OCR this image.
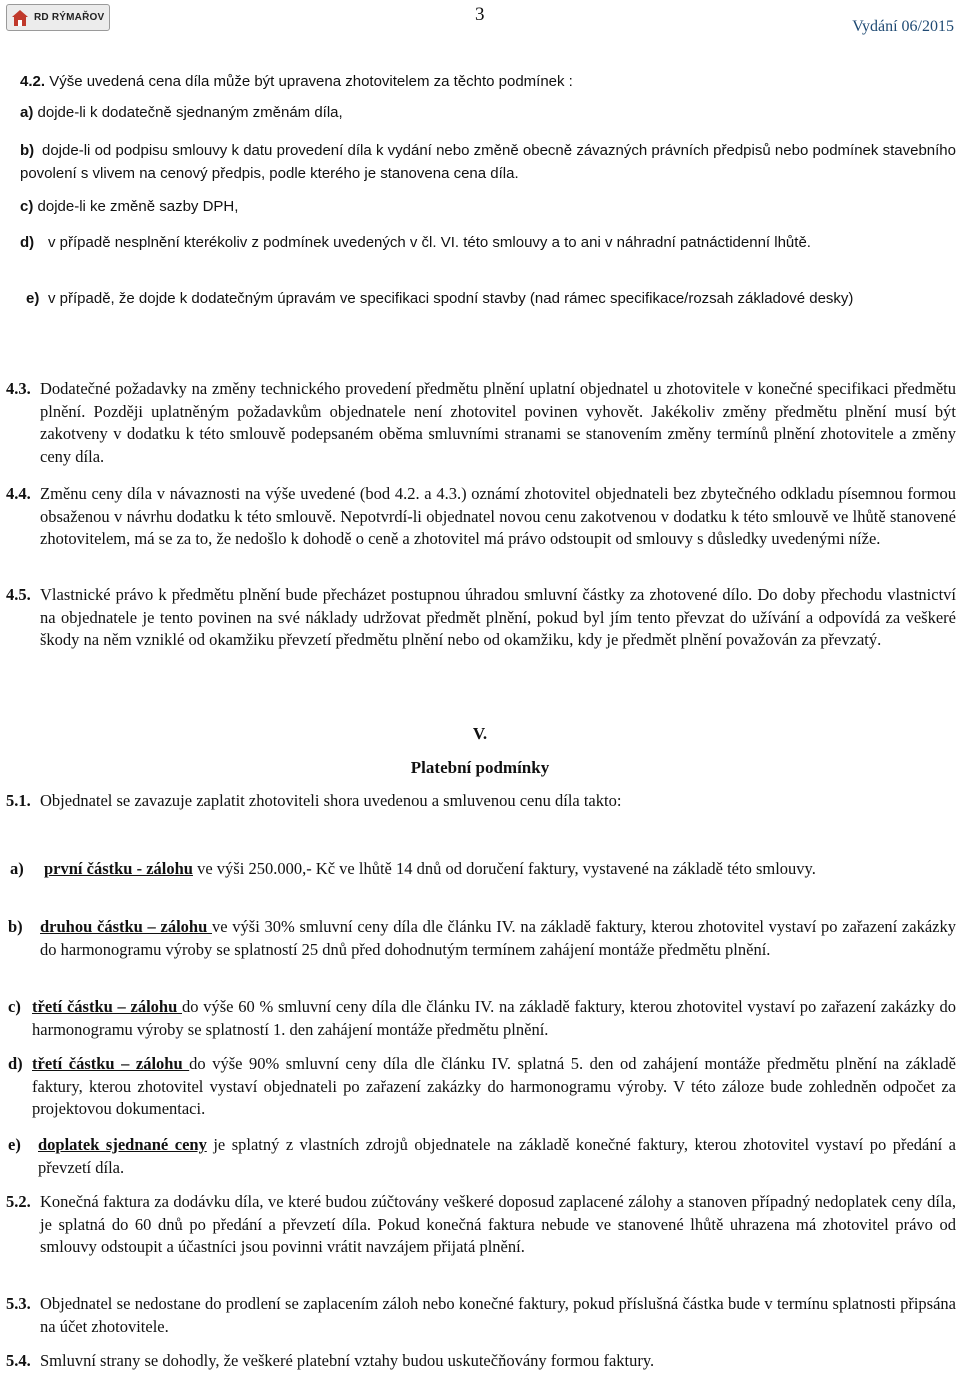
RD RÝMAŘOV	3
Vydání 06/2015
4.2. Výše uvedená cena díla může být upravena zhotovitelem za těchto podmínek :
a) dojde-li k dodatečně sjednaným změnám díla,
b) dojde-li od podpisu smlouvy k datu provedení díla k vydání nebo změně obecně závazných právních předpisů nebo podmínek stavebního povolení s vlivem na cenový předpis, podle kterého je stanovena cena díla.
c) dojde-li ke změně sazby DPH,
d) v případě nesplnění kterékoliv z podmínek uvedených v čl. VI. této smlouvy a to ani v náhradní patnáctidenní lhůtě.
e) v případě, že dojde k dodatečným úpravám ve specifikaci spodní stavby (nad rámec specifikace/rozsah základové desky)
4.3. Dodatečné požadavky na změny technického provedení předmětu plnění uplatní objednatel u zhotovitele v konečné specifikaci předmětu plnění. Později uplatněným požadavkům objednatele není zhotovitel povinen vyhovět. Jakékoliv změny předmětu plnění musí být zakotveny v dodatku k této smlouvě podepsaném oběma smluvními stranami se stanovením změny termínů plnění zhotovitele a změny ceny díla.
4.4. Změnu ceny díla v návaznosti na výše uvedené (bod 4.2. a 4.3.) oznámí zhotovitel objednateli bez zbytečného odkladu písemnou formou obsaženou v návrhu dodatku k této smlouvě. Nepotvrdí-li objednatel novou cenu zakotvenou v dodatku k této smlouvě ve lhůtě stanovené zhotovitelem, má se za to, že nedošlo k dohodě o ceně a zhotovitel má právo odstoupit od smlouvy s důsledky uvedenými níže.
4.5. Vlastnické právo k předmětu plnění bude přecházet postupnou úhradou smluvní částky za zhotovené dílo. Do doby přechodu vlastnictví na objednatele je tento povinen na své náklady udržovat předmět plnění, pokud byl jím tento převzat do užívání a odpovídá za veškeré škody na něm vzniklé od okamžiku převzetí předmětu plnění nebo od okamžiku, kdy je předmět plnění považován za převzatý.
V.
Platební podmínky
5.1. Objednatel se zavazuje zaplatit zhotoviteli shora uvedenou a smluvenou cenu díla takto:
a) první částku - zálohu ve výši 250.000,- Kč ve lhůtě 14 dnů od doručení faktury, vystavené na základě této smlouvy.
b) druhou částku – zálohu ve výši 30% smluvní ceny díla dle článku IV. na základě faktury, kterou zhotovitel vystaví po zařazení zakázky do harmonogramu výroby se splatností 25 dnů před dohodnutým termínem zahájení montáže předmětu plnění.
c) třetí částku – zálohu do výše 60 % smluvní ceny díla dle článku IV. na základě faktury, kterou zhotovitel vystaví po zařazení zakázky do harmonogramu výroby se splatností 1. den zahájení montáže předmětu plnění.
d) třetí částku – zálohu do výše 90% smluvní ceny díla dle článku IV. splatná 5. den od zahájení montáže předmětu plnění na základě faktury, kterou zhotovitel vystaví objednateli po zařazení zakázky do harmonogramu výroby. V této záloze bude zohledněn odpočet za projektovou dokumentaci.
e) doplatek sjednané ceny je splatný z vlastních zdrojů objednatele na základě konečné faktury, kterou zhotovitel vystaví po předání a převzetí díla.
5.2. Konečná faktura za dodávku díla, ve které budou zúčtovány veškeré doposud zaplacené zálohy a stanoven případný nedoplatek ceny díla, je splatná do 60 dnů po předání a převzetí díla. Pokud konečná faktura nebude ve stanovené lhůtě uhrazena má zhotovitel právo od smlouvy odstoupit a účastníci jsou povinni vrátit navzájem přijatá plnění.
5.3. Objednatel se nedostane do prodlení se zaplacením záloh nebo konečné faktury, pokud příslušná částka bude v termínu splatnosti připsána na účet zhotovitele.
5.4. Smluvní strany se dohodly, že veškeré platební vztahy budou uskutečňovány formou faktury.
